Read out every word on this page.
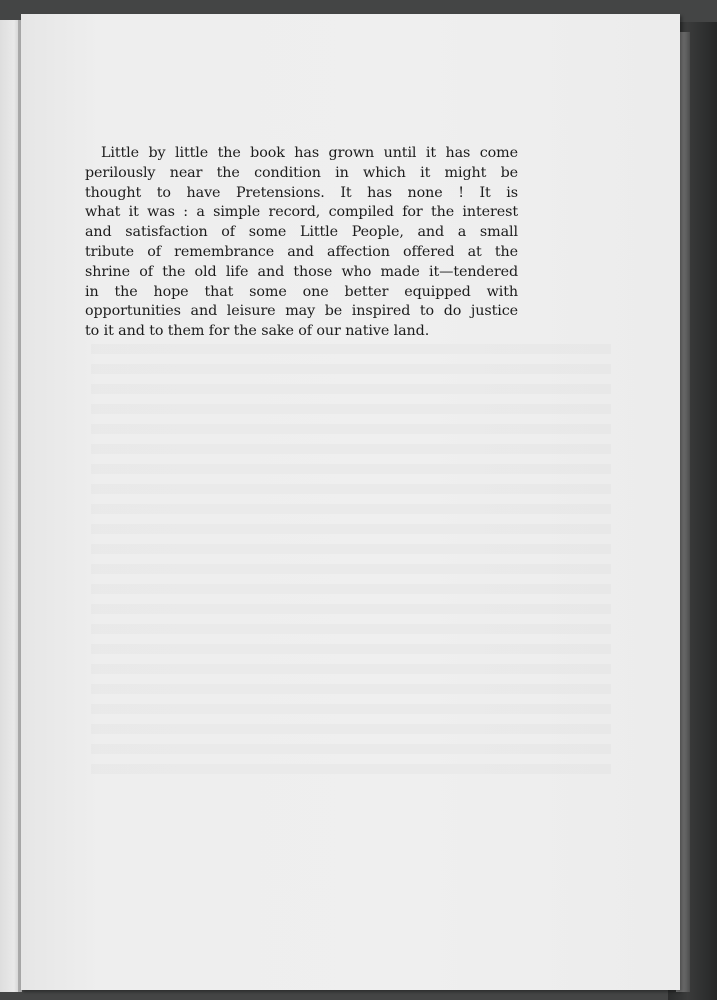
Little by little the book has grown until it has come
perilously near the condition in which it might be
thought to have Pretensions. It has none ! It is
what it was : a simple record, compiled for the interest
and satisfaction of some Little People, and a small
tribute of remembrance and affection offered at the
shrine of the old life and those who made it—tendered
in the hope that some one better equipped with
opportunities and leisure may be inspired to do justice
to it and to them for the sake of our native land.
